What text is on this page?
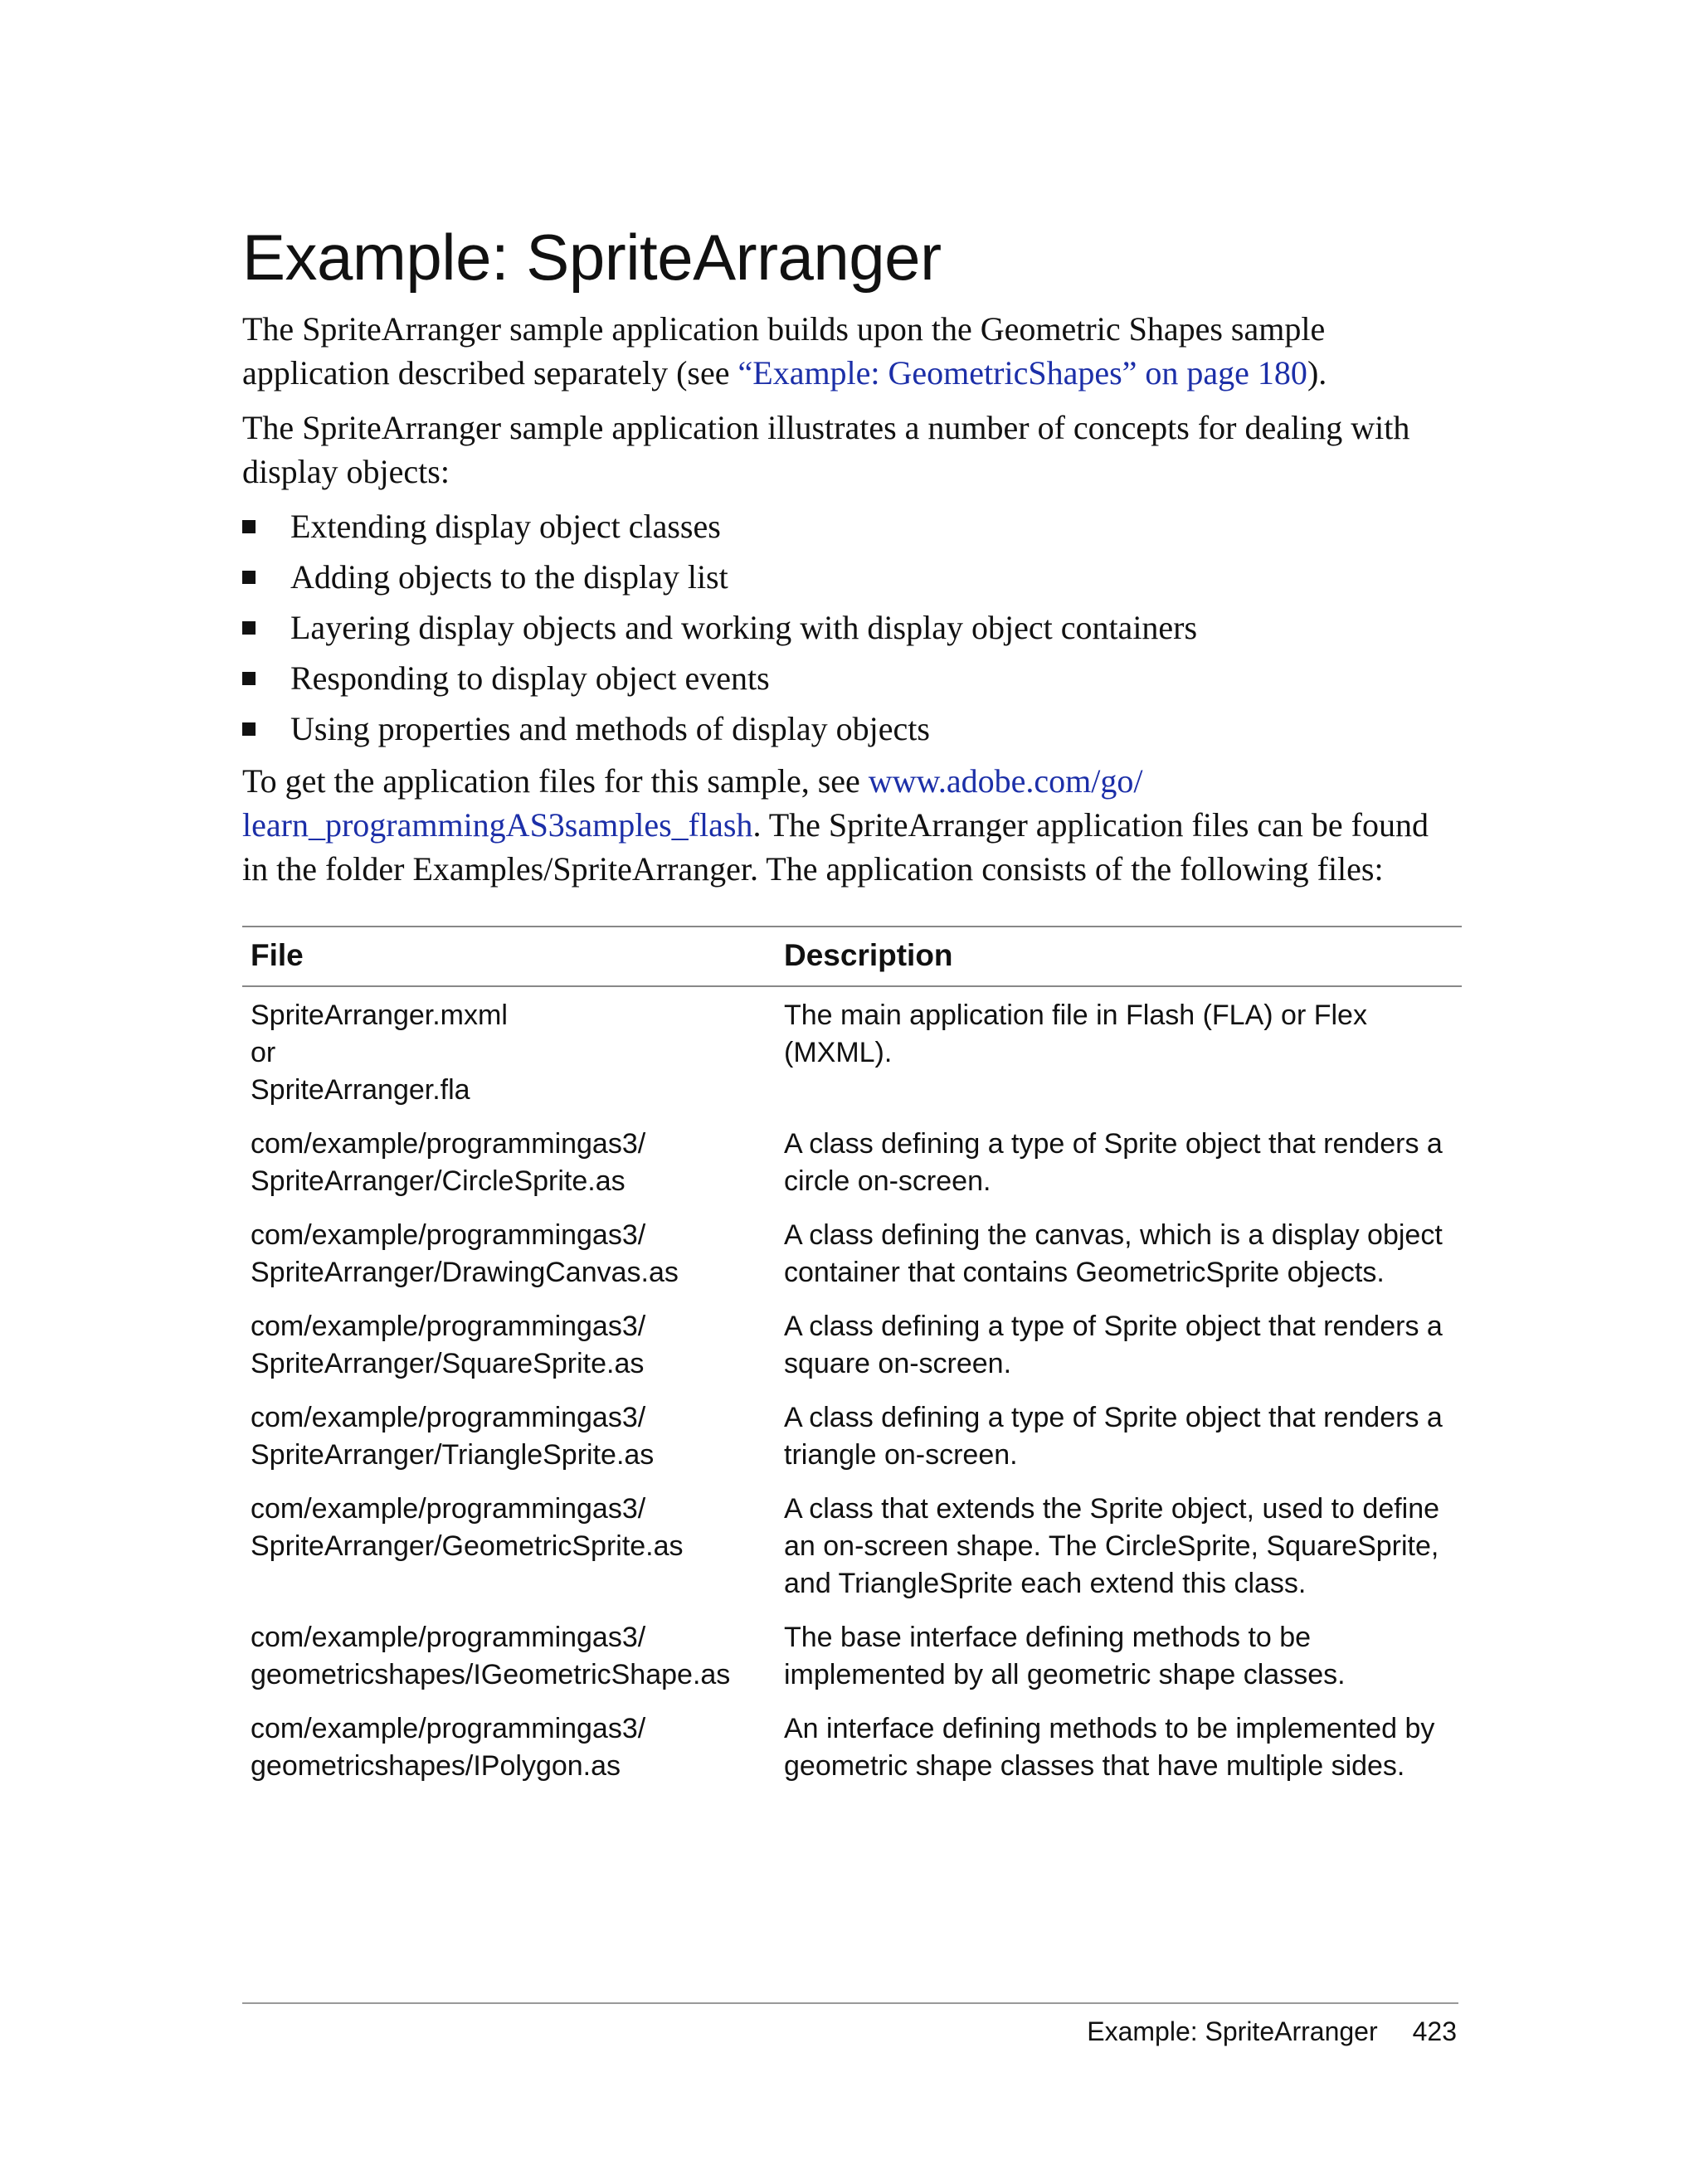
Example: SpriteArranger

The SpriteArranger sample application builds upon the Geometric Shapes sample application described separately (see “Example: GeometricShapes” on page 180).

The SpriteArranger sample application illustrates a number of concepts for dealing with display objects:

Extending display object classes
Adding objects to the display list
Layering display objects and working with display object containers
Responding to display object events
Using properties and methods of display objects

To get the application files for this sample, see www.adobe.com/go/
learn_programmingAS3samples_flash. The SpriteArranger application files can be found in the folder Examples/SpriteArranger. The application consists of the following files:

File	Description

SpriteArranger.mxml
or
SpriteArranger.fla	The main application file in Flash (FLA) or Flex (MXML).

com/example/programmingas3/
SpriteArranger/CircleSprite.as	A class defining a type of Sprite object that renders a circle on-screen.

com/example/programmingas3/
SpriteArranger/DrawingCanvas.as	A class defining the canvas, which is a display object container that contains GeometricSprite objects.

com/example/programmingas3/
SpriteArranger/SquareSprite.as	A class defining a type of Sprite object that renders a square on-screen.

com/example/programmingas3/
SpriteArranger/TriangleSprite.as	A class defining a type of Sprite object that renders a triangle on-screen.

com/example/programmingas3/
SpriteArranger/GeometricSprite.as	A class that extends the Sprite object, used to define an on-screen shape. The CircleSprite, SquareSprite, and TriangleSprite each extend this class.

com/example/programmingas3/
geometricshapes/IGeometricShape.as	The base interface defining methods to be implemented by all geometric shape classes.

com/example/programmingas3/
geometricshapes/IPolygon.as	An interface defining methods to be implemented by geometric shape classes that have multiple sides.
Example: SpriteArranger 423
